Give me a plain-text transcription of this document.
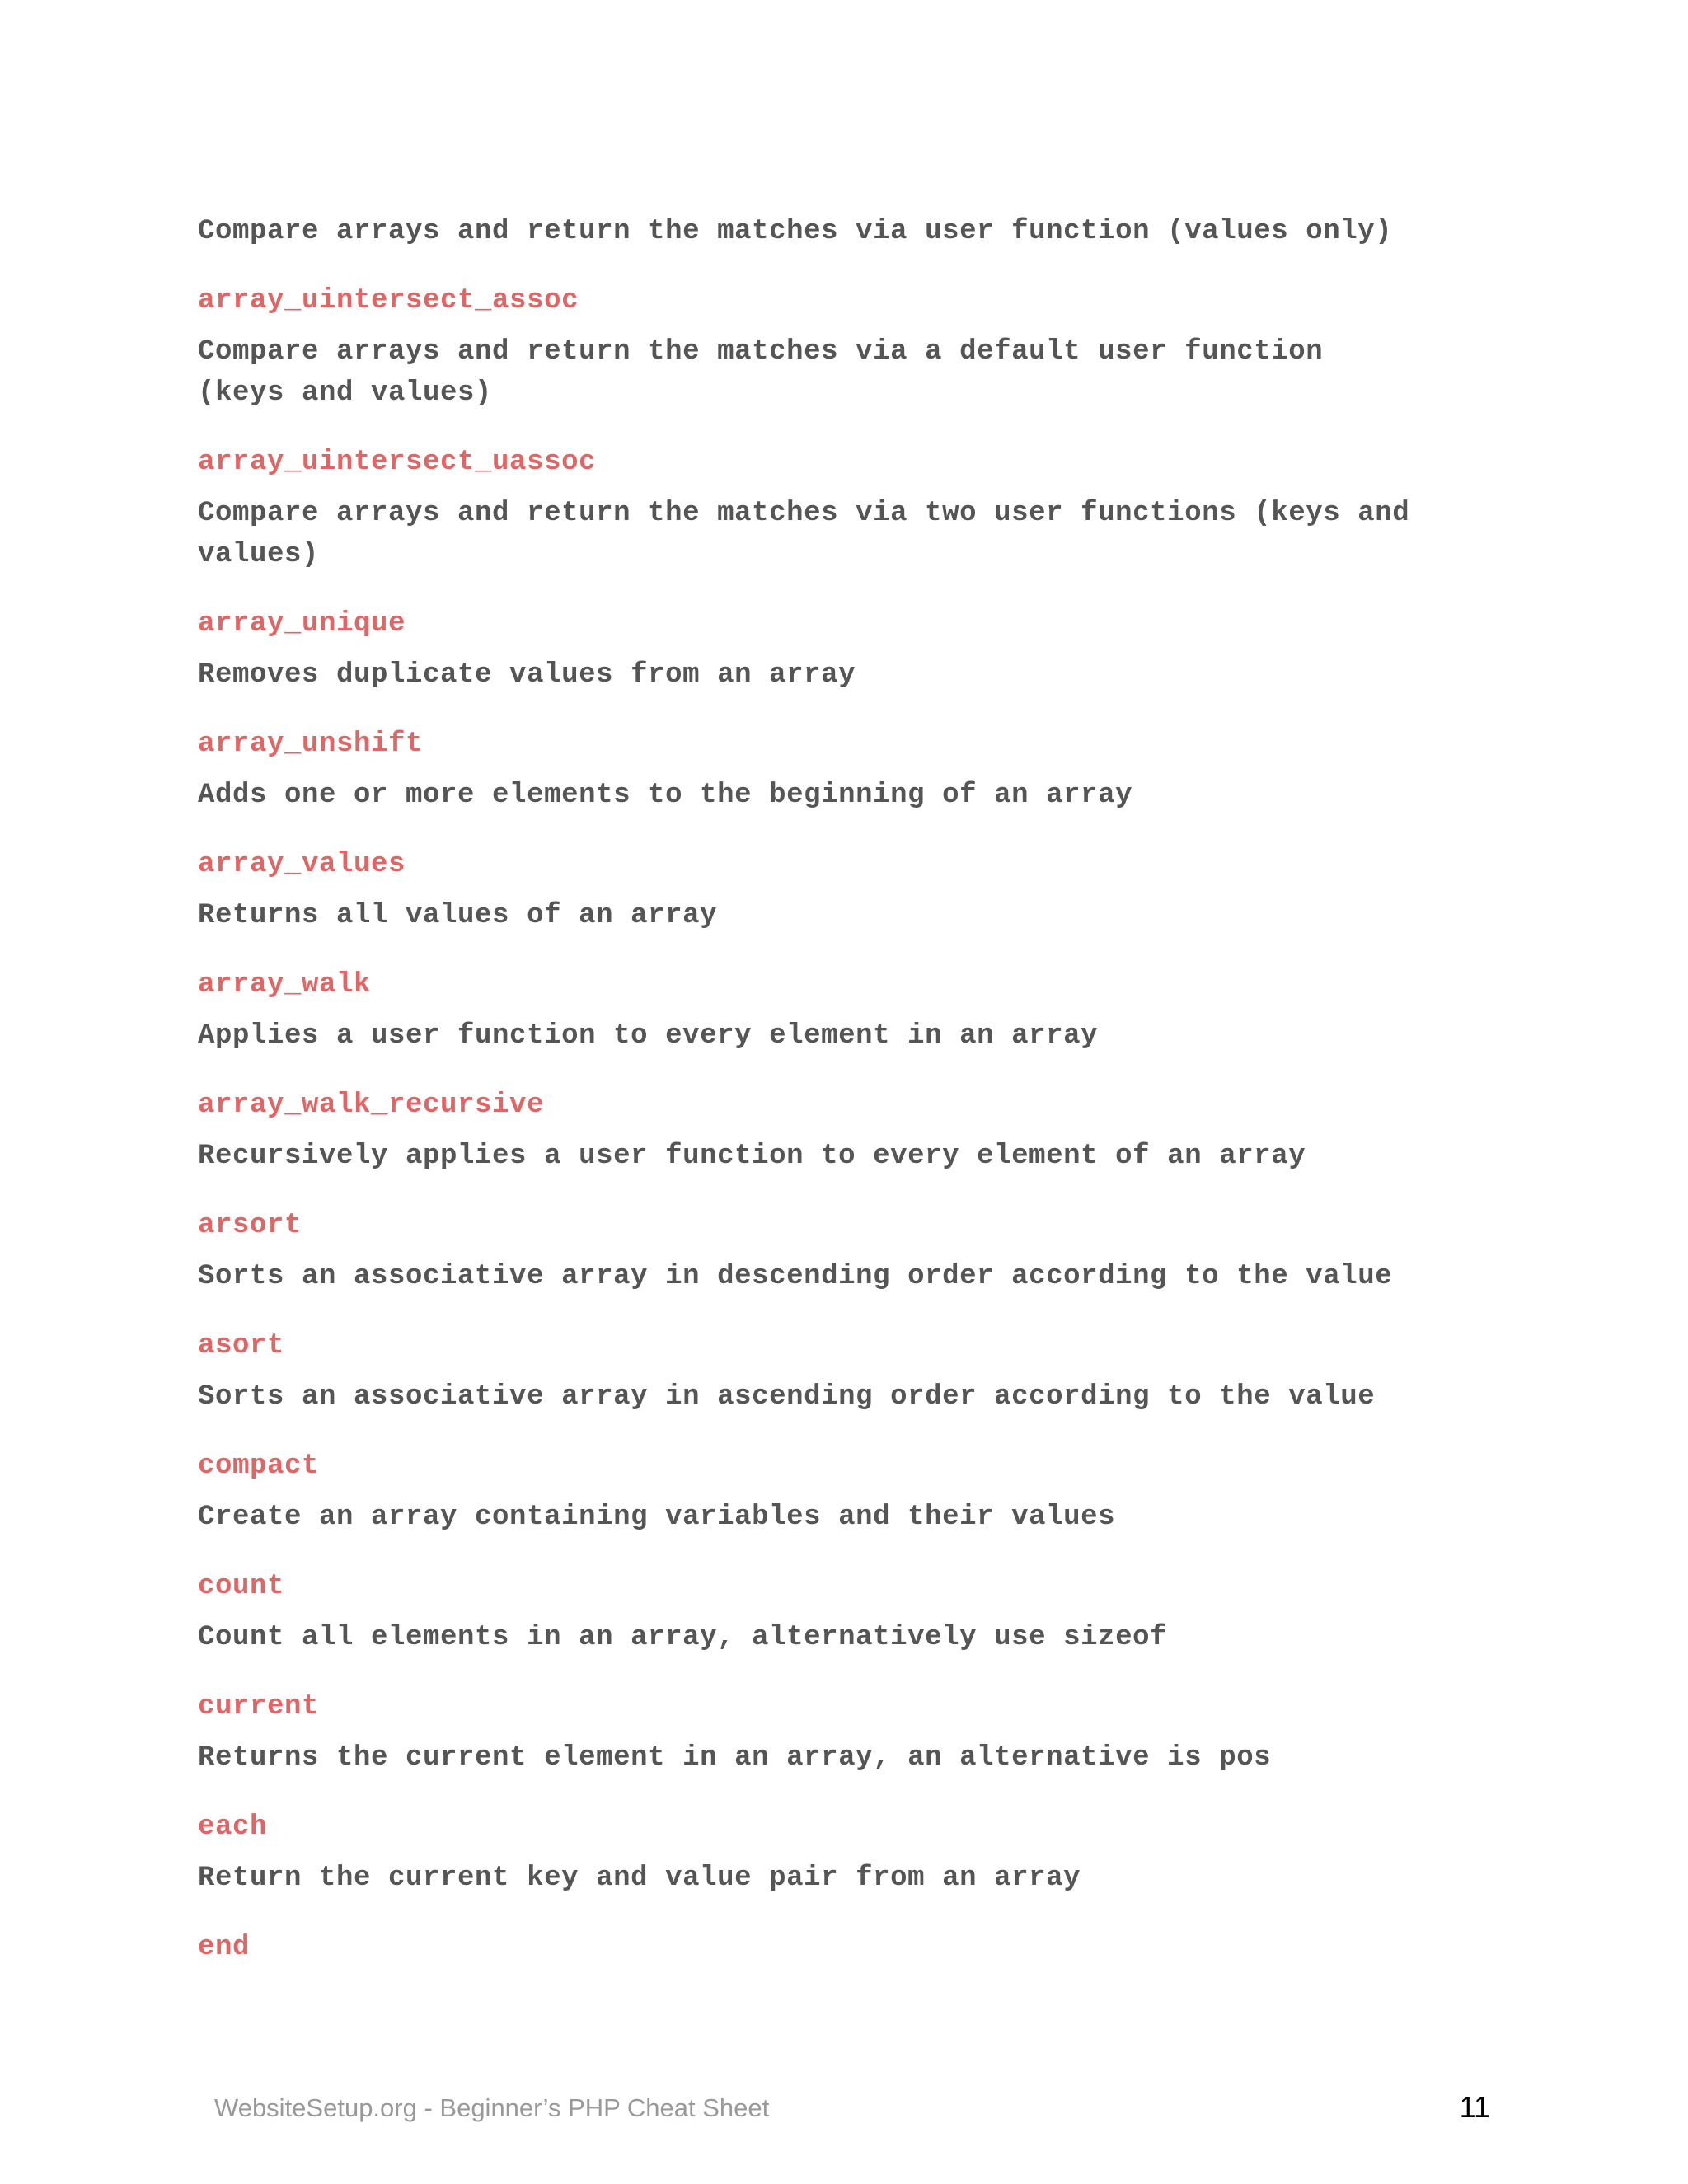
Compare arrays and return the matches via user function (values only)

array_uintersect_assoc

Compare arrays and return the matches via a default user function
(keys and values)

array_uintersect_uassoc

Compare arrays and return the matches via two user functions (keys and
values)

array_unique

Removes duplicate values from an array

array_unshift

Adds one or more elements to the beginning of an array

array_values

Returns all values of an array

array_walk

Applies a user function to every element in an array

array_walk_recursive

Recursively applies a user function to every element of an array

arsort

Sorts an associative array in descending order according to the value

asort

Sorts an associative array in ascending order according to the value

compact

Create an array containing variables and their values

count

Count all elements in an array, alternatively use sizeof

current

Returns the current element in an array, an alternative is pos

each

Return the current key and value pair from an array

end

WebsiteSetup.org - Beginner’s PHP Cheat Sheet	11
